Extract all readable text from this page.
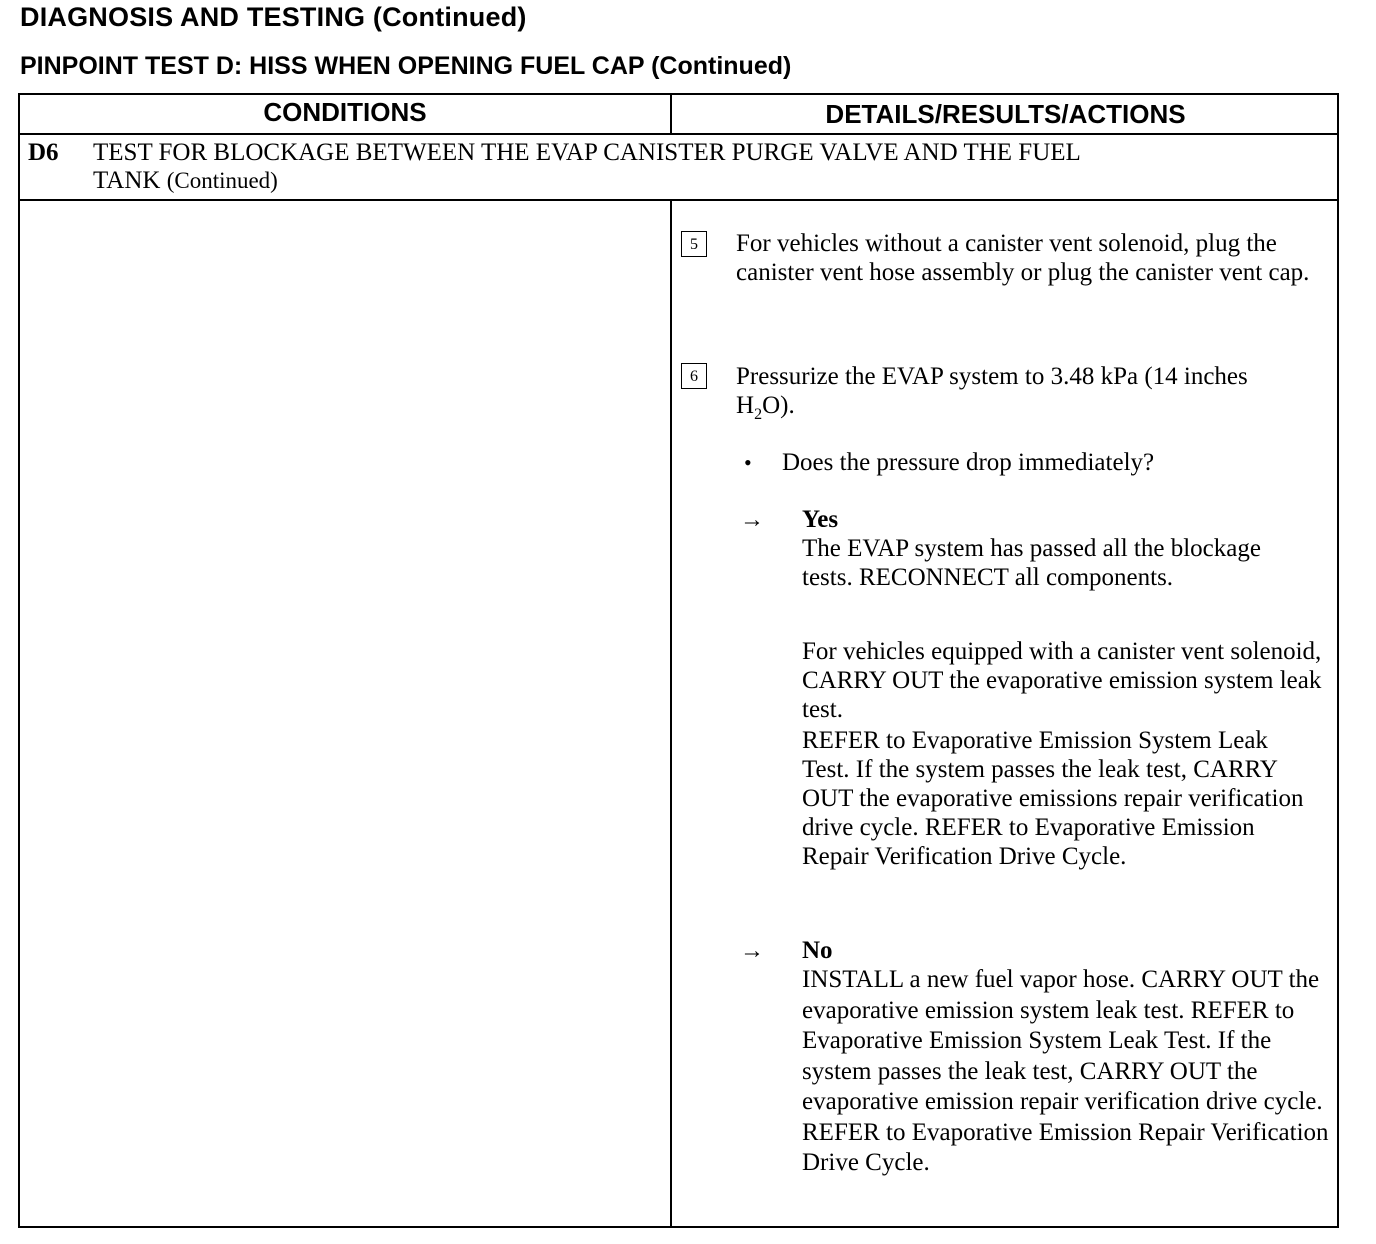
DIAGNOSIS AND TESTING (Continued)
PINPOINT TEST D: HISS WHEN OPENING FUEL CAP (Continued)
CONDITIONS	DETAILS/RESULTS/ACTIONS
D6 TEST FOR BLOCKAGE BETWEEN THE EVAP CANISTER PURGE VALVE AND THE FUEL
TANK (Continued)
5	For vehicles without a canister vent solenoid, plug the canister vent hose assembly or plug the canister vent cap.
6	Pressurize the EVAP system to 3.48 kPa (14 inches $H_2O$).
• Does the pressure drop immediately?
→ Yes
The EVAP system has passed all the blockage tests. RECONNECT all components.
For vehicles equipped with a canister vent solenoid, CARRY OUT the evaporative emission system leak test.
REFER to Evaporative Emission System Leak Test. If the system passes the leak test, CARRY OUT the evaporative emissions repair verification drive cycle. REFER to Evaporative Emission Repair Verification Drive Cycle.
→ No
INSTALL a new fuel vapor hose. CARRY OUT the evaporative emission system leak test. REFER to Evaporative Emission System Leak Test. If the system passes the leak test, CARRY OUT the evaporative emission repair verification drive cycle. REFER to Evaporative Emission Repair Verification Drive Cycle.
